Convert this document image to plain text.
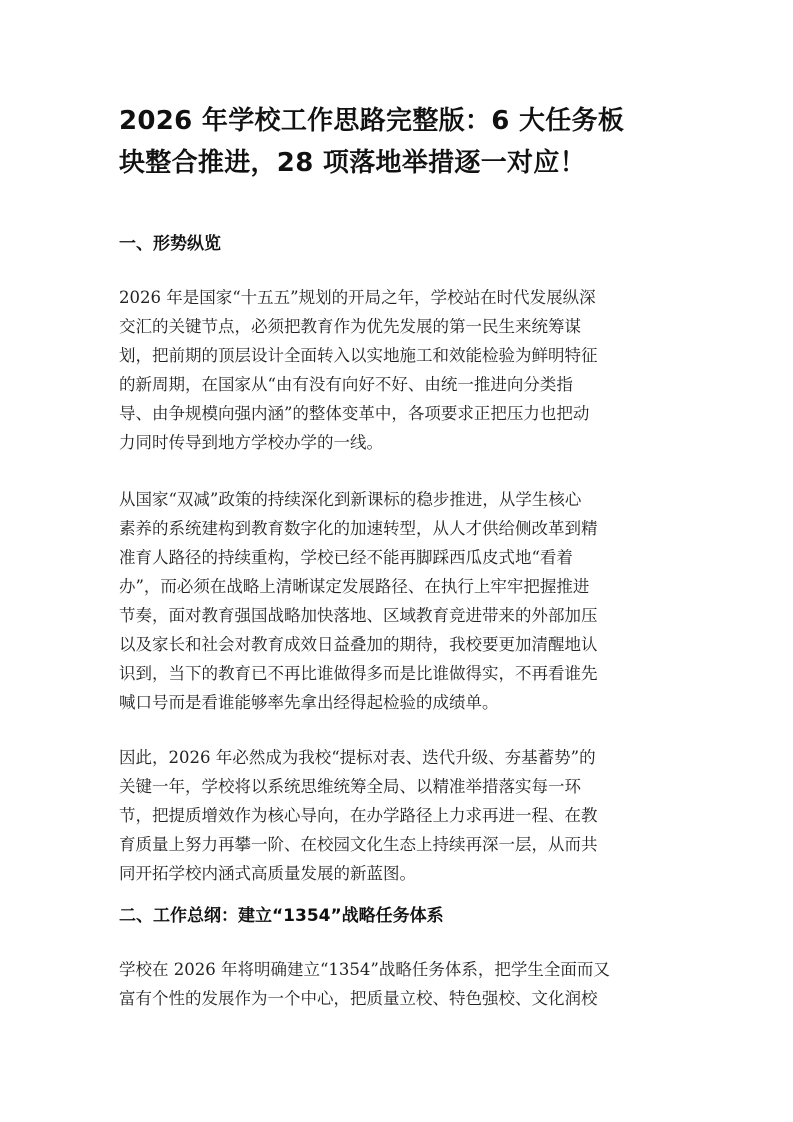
2026 年学校工作思路完整版：6 大任务板
块整合推进，28 项落地举措逐一对应！
一、形势纵览

2026 年是国家“十五五”规划的开局之年，学校站在时代发展纵深
交汇的关键节点，必须把教育作为优先发展的第一民生来统筹谋
划，把前期的顶层设计全面转入以实地施工和效能检验为鲜明特征
的新周期，在国家从“由有没有向好不好、由统一推进向分类指
导、由争规模向强内涵”的整体变革中，各项要求正把压力也把动
力同时传导到地方学校办学的一线。

从国家“双减”政策的持续深化到新课标的稳步推进，从学生核心
素养的系统建构到教育数字化的加速转型，从人才供给侧改革到精
准育人路径的持续重构，学校已经不能再脚踩西瓜皮式地“看着
办”，而必须在战略上清晰谋定发展路径、在执行上牢牢把握推进
节奏，面对教育强国战略加快落地、区域教育竞进带来的外部加压
以及家长和社会对教育成效日益叠加的期待，我校要更加清醒地认
识到，当下的教育已不再比谁做得多而是比谁做得实，不再看谁先
喊口号而是看谁能够率先拿出经得起检验的成绩单。

因此，2026 年必然成为我校“提标对表、迭代升级、夯基蓄势”的
关键一年，学校将以系统思维统筹全局、以精准举措落实每一环
节，把提质增效作为核心导向，在办学路径上力求再进一程、在教
育质量上努力再攀一阶、在校园文化生态上持续再深一层，从而共
同开拓学校内涵式高质量发展的新蓝图。

二、工作总纲：建立“1354”战略任务体系

学校在 2026 年将明确建立“1354”战略任务体系，把学生全面而又
富有个性的发展作为一个中心，把质量立校、特色强校、文化润校
